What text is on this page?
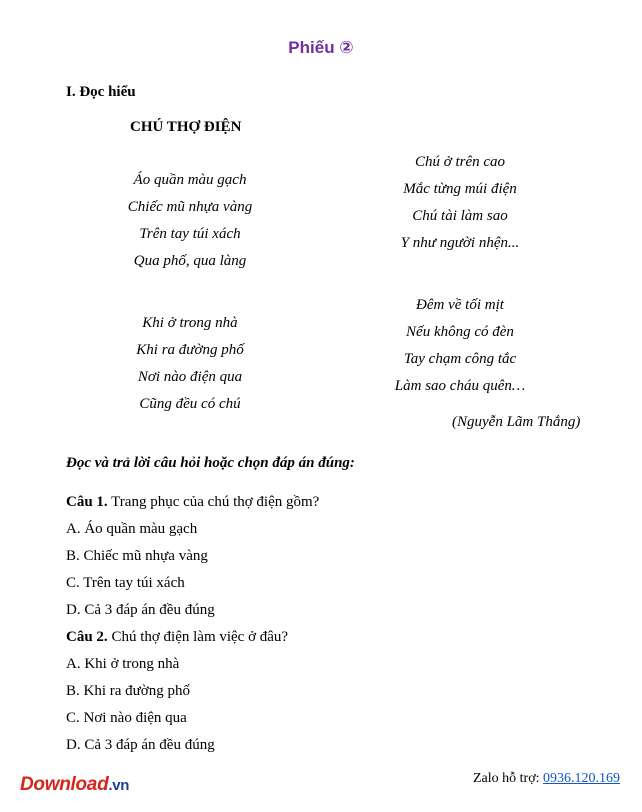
Phiếu ②
I. Đọc hiểu
CHÚ THỢ ĐIỆN
Áo quần màu gạch
Chiếc mũ nhựa vàng
Trên tay túi xách
Qua phố, qua làng
Khi ở trong nhà
Khi ra đường phố
Nơi nào điện qua
Cũng đều có chú
Chú ở trên cao
Mắc từng múi điện
Chú tài làm sao
Y như người nhện...
Đêm về tối mịt
Nếu không có đèn
Tay chạm công tắc
Làm sao cháu quên…
(Nguyễn Lãm Thắng)
Đọc và trả lời câu hỏi hoặc chọn đáp án đúng:
Câu 1. Trang phục của chú thợ điện gồm?
A. Áo quần màu gạch
B. Chiếc mũ nhựa vàng
C. Trên tay túi xách
D. Cả 3 đáp án đều đúng
Câu 2. Chú thợ điện làm việc ở đâu?
A. Khi ở trong nhà
B. Khi ra đường phố
C. Nơi nào điện qua
D. Cả 3 đáp án đều đúng
Download.vn	Zalo hỗ trợ: 0936.120.169
